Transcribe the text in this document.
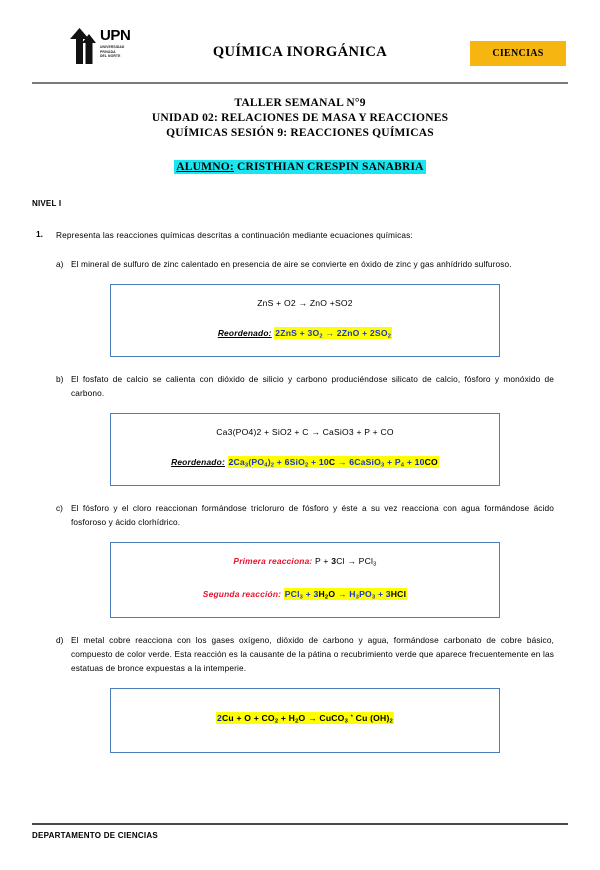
UPN
UNIVERSIDAD
PRIVADA
DEL NORTE	QUÍMICA INORGÁNICA	CIENCIAS
TALLER SEMANAL N°9
UNIDAD 02: RELACIONES DE MASA Y REACCIONES
QUÍMICAS SESIÓN 9: REACCIONES QUÍMICAS
ALUMNO: CRISTHIAN CRESPIN SANABRIA
NIVEL I
1.	Representa las reacciones químicas descritas a continuación mediante ecuaciones químicas:
a) El mineral de sulfuro de zinc calentado en presencia de aire se convierte en óxido de zinc y gas anhídrido sulfuroso.
ZnS + O2 → ZnO +SO2
Reordenado: $2ZnS + 3O_2 \to 2ZnO + 2SO_2$
b) El fosfato de calcio se calienta con dióxido de silicio y carbono produciéndose silicato de calcio, fósforo y monóxido de carbono.
Ca3(PO4)2 + SiO2 + C → CaSiO3 + P + CO
Reordenado: $2Ca_3(PO_4)_2 + 6SiO_2 + 10C$ → 6CaSiO$_3$ + $P_4 + 10CO$
c) El fósforo y el cloro reaccionan formándose tricloruro de fósforo y éste a su vez reacciona con agua formándose ácido fosforoso y ácido clorhídrico.
Primera reacciona: P + 3Cl → PCl$_3$
Segunda reacción: $PCl_3 + 3H_2O \to H_3PO_3 + 3HCl$
d) El metal cobre reacciona con los gases oxígeno, dióxido de carbono y agua, formándose carbonato de cobre básico, compuesto de color verde. Esta reacción es la causante de la pátina o recubrimiento verde que aparece frecuentemente en las estatuas de bronce expuestas a la intemperie.
$2Cu + O + CO_2 + H_2O$ → CuCO$_3$ * Cu $(OH)_2$
DEPARTAMENTO DE CIENCIAS
